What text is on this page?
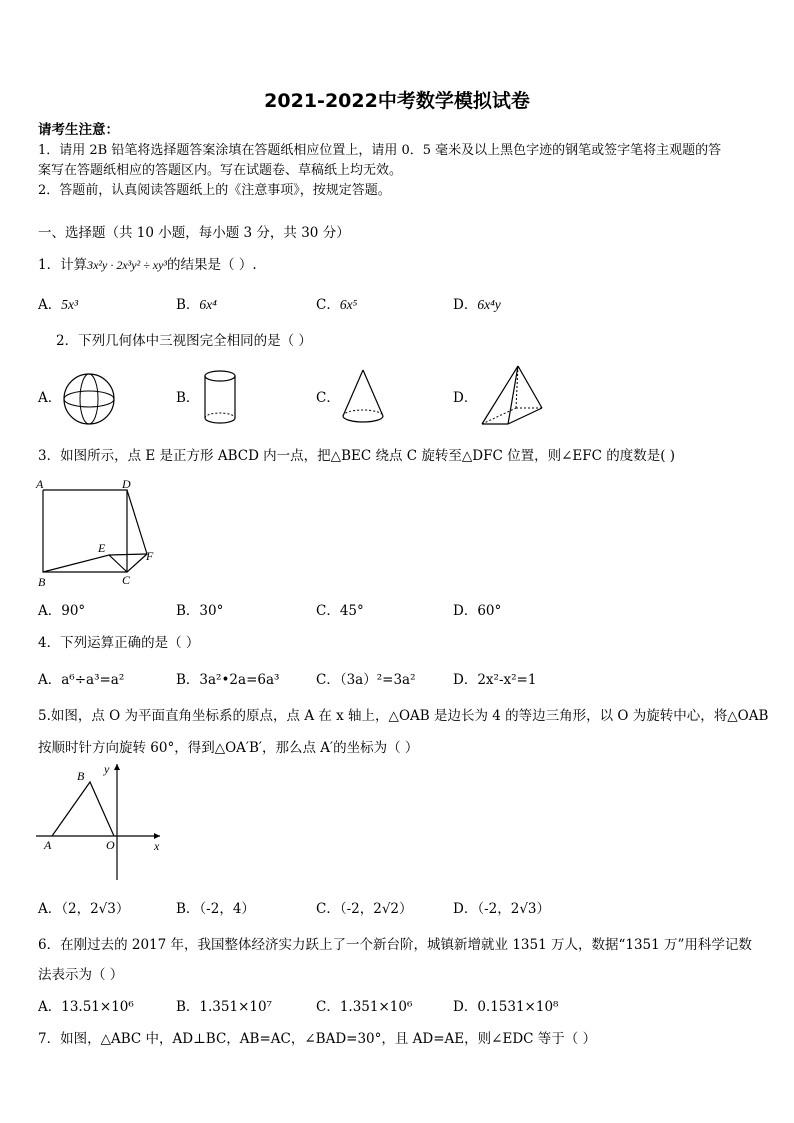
2021-2022中考数学模拟试卷
请考生注意：
1．请用 2B 铅笔将选择题答案涂填在答题纸相应位置上，请用 0．5 毫米及以上黑色字迹的钢笔或签字笔将主观题的答
案写在答题纸相应的答题区内。写在试题卷、草稿纸上均无效。
2．答题前，认真阅读答题纸上的《注意事项》，按规定答题。
一、选择题（共 10 小题，每小题 3 分，共 30 分）
1．计算3x²y · 2x³y² ÷ xy³的结果是（ ）.
A．5x³	B．6x⁴	C．6x⁵	D．6x⁴y
2．下列几何体中三视图完全相同的是（ ）
A．	B．	C．	D．
3．如图所示，点 E 是正方形 ABCD 内一点，把△BEC 绕点 C 旋转至△DFC 位置，则∠EFC 的度数是( )
A	D
E
F
B	C
A．90°	B．30°	C．45°	D．60°
4．下列运算正确的是（ ）
A．a⁶÷a³=a²	B．3a²•2a=6a³	C．（3a）²=3a²	D．2x²-x²=1
5.如图，点 O 为平面直角坐标系的原点，点 A 在 x 轴上，△OAB 是边长为 4 的等边三角形，以 O 为旋转中心，将△OAB
按顺时针方向旋转 60°，得到△OA′B′，那么点 A′的坐标为（ ）
B y
A	O	x
A．（2，2√3）	B．（-2，4）	C．（-2，2√2）	D．（-2，2√3）
6．在刚过去的 2017 年，我国整体经济实力跃上了一个新台阶，城镇新增就业 1351 万人，数据“1351 万”用科学记数
法表示为（ ）
A．13.51×10⁶	B．1.351×10⁷	C．1.351×10⁶	D．0.1531×10⁸
7．如图，△ABC 中，AD⊥BC，AB=AC，∠BAD=30°，且 AD=AE，则∠EDC 等于（ ）
